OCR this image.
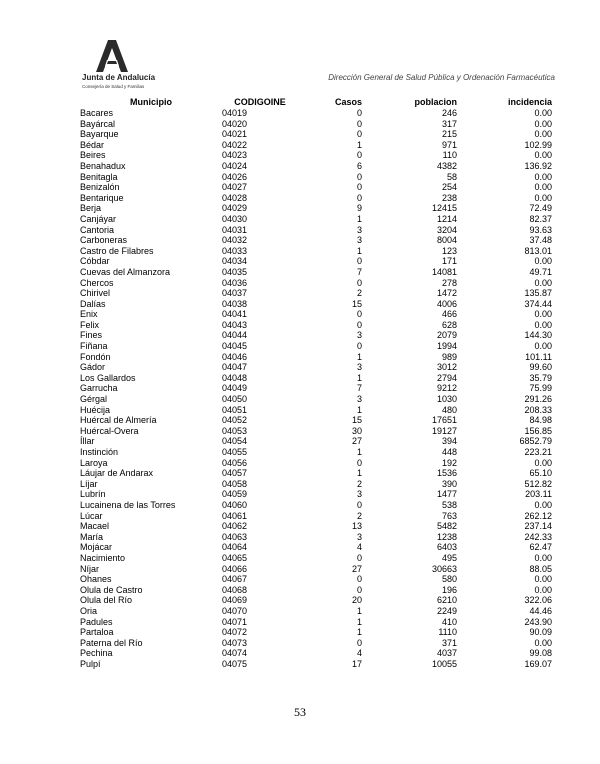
Junta de Andalucía
Consejería de Salud y Familias
Dirección General de Salud Pública y Ordenación Farmacéutica
Municipio	CODIGOINE	Casos	poblacion	incidencia
Bacares	04019	0	246	0.00
Bayárcal	04020	0	317	0.00
Bayarque	04021	0	215	0.00
Bédar	04022	1	971	102.99
Beires	04023	0	110	0.00
Benahadux	04024	6	4382	136.92
Benitagla	04026	0	58	0.00
Benizalón	04027	0	254	0.00
Bentarique	04028	0	238	0.00
Berja	04029	9	12415	72.49
Canjáyar	04030	1	1214	82.37
Cantoria	04031	3	3204	93.63
Carboneras	04032	3	8004	37.48
Castro de Filabres	04033	1	123	813.01
Cóbdar	04034	0	171	0.00
Cuevas del Almanzora	04035	7	14081	49.71
Chercos	04036	0	278	0.00
Chirivel	04037	2	1472	135.87
Dalías	04038	15	4006	374.44
Enix	04041	0	466	0.00
Felix	04043	0	628	0.00
Fines	04044	3	2079	144.30
Fiñana	04045	0	1994	0.00
Fondón	04046	1	989	101.11
Gádor	04047	3	3012	99.60
Los Gallardos	04048	1	2794	35.79
Garrucha	04049	7	9212	75.99
Gérgal	04050	3	1030	291.26
Huécija	04051	1	480	208.33
Huércal de Almería	04052	15	17651	84.98
Huércal-Overa	04053	30	19127	156.85
Íllar	04054	27	394	6852.79
Instinción	04055	1	448	223.21
Laroya	04056	0	192	0.00
Láujar de Andarax	04057	1	1536	65.10
Líjar	04058	2	390	512.82
Lubrín	04059	3	1477	203.11
Lucainena de las Torres	04060	0	538	0.00
Lúcar	04061	2	763	262.12
Macael	04062	13	5482	237.14
María	04063	3	1238	242.33
Mojácar	04064	4	6403	62.47
Nacimiento	04065	0	495	0.00
Níjar	04066	27	30663	88.05
Ohanes	04067	0	580	0.00
Olula de Castro	04068	0	196	0.00
Olula del Río	04069	20	6210	322.06
Oria	04070	1	2249	44.46
Padules	04071	1	410	243.90
Partaloa	04072	1	1110	90.09
Paterna del Río	04073	0	371	0.00
Pechina	04074	4	4037	99.08
Pulpí	04075	17	10055	169.07
53
